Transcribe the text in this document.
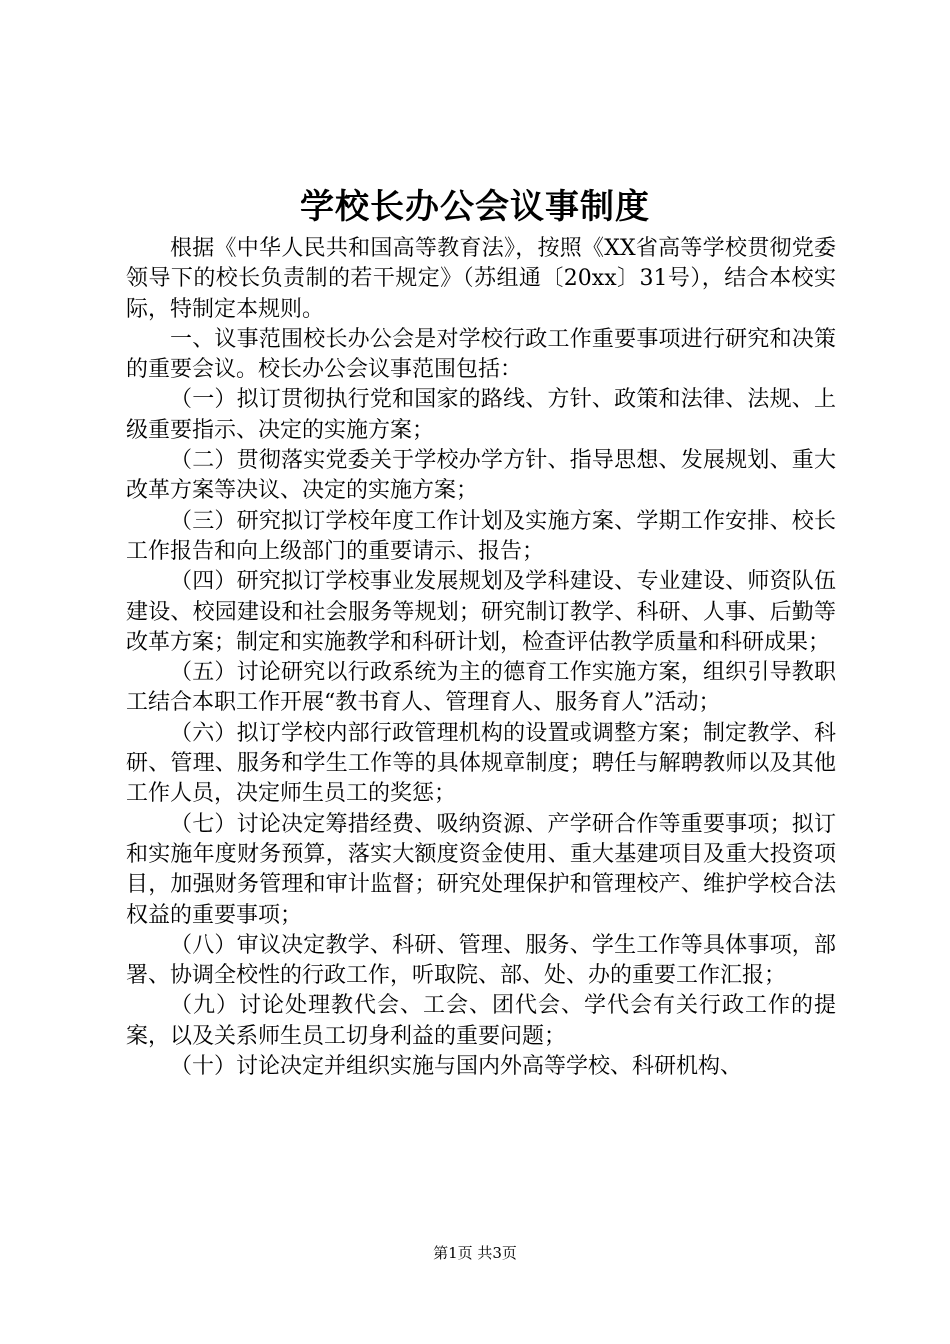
学校长办公会议事制度

根据《中华人民共和国高等教育法》，按照《XX省高等学校贯彻党委领导下的校长负责制的若干规定》（苏组通〔20xx〕31号），结合本校实际，特制定本规则。

一、议事范围校长办公会是对学校行政工作重要事项进行研究和决策的重要会议。校长办公会议事范围包括：

（一）拟订贯彻执行党和国家的路线、方针、政策和法律、法规、上级重要指示、决定的实施方案；

（二）贯彻落实党委关于学校办学方针、指导思想、发展规划、重大改革方案等决议、决定的实施方案；

（三）研究拟订学校年度工作计划及实施方案、学期工作安排、校长工作报告和向上级部门的重要请示、报告；

（四）研究拟订学校事业发展规划及学科建设、专业建设、师资队伍建设、校园建设和社会服务等规划；研究制订教学、科研、人事、后勤等改革方案；制定和实施教学和科研计划，检查评估教学质量和科研成果；

（五）讨论研究以行政系统为主的德育工作实施方案，组织引导教职工结合本职工作开展“教书育人、管理育人、服务育人”活动；

（六）拟订学校内部行政管理机构的设置或调整方案；制定教学、科研、管理、服务和学生工作等的具体规章制度；聘任与解聘教师以及其他工作人员，决定师生员工的奖惩；

（七）讨论决定筹措经费、吸纳资源、产学研合作等重要事项；拟订和实施年度财务预算，落实大额度资金使用、重大基建项目及重大投资项目，加强财务管理和审计监督；研究处理保护和管理校产、维护学校合法权益的重要事项；

（八）审议决定教学、科研、管理、服务、学生工作等具体事项，部署、协调全校性的行政工作，听取院、部、处、办的重要工作汇报；

（九）讨论处理教代会、工会、团代会、学代会有关行政工作的提案，以及关系师生员工切身利益的重要问题；

（十）讨论决定并组织实施与国内外高等学校、科研机构、

第1页 共3页
